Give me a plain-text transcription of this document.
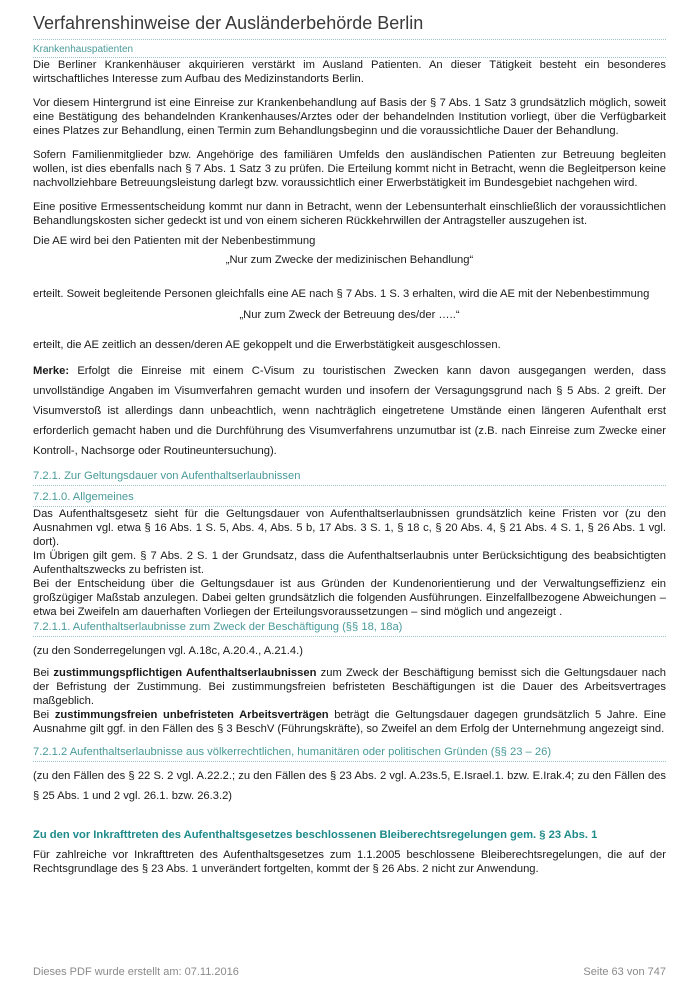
Verfahrenshinweise der Ausländerbehörde Berlin
Krankenhauspatienten

Die Berliner Krankenhäuser akquirieren verstärkt im Ausland Patienten. An dieser Tätigkeit besteht ein besonderes wirtschaftliches Interesse zum Aufbau des Medizinstandorts Berlin.

Vor diesem Hintergrund ist eine Einreise zur Krankenbehandlung auf Basis der § 7 Abs. 1 Satz 3 grundsätzlich möglich, soweit eine Bestätigung des behandelnden Krankenhauses/Arztes oder der behandelnden Institution vorliegt, über die Verfügbarkeit eines Platzes zur Behandlung, einen Termin zum Behandlungsbeginn und die voraussichtliche Dauer der Behandlung.

Sofern Familienmitglieder bzw. Angehörige des familiären Umfelds den ausländischen Patienten zur Betreuung begleiten wollen, ist dies ebenfalls nach § 7 Abs. 1 Satz 3 zu prüfen. Die Erteilung kommt nicht in Betracht, wenn die Begleitperson keine nachvollziehbare Betreuungsleistung darlegt bzw. voraussichtlich einer Erwerbstätigkeit im Bundesgebiet nachgehen wird.

Eine positive Ermessentscheidung kommt nur dann in Betracht, wenn der Lebensunterhalt einschließlich der voraussichtlichen Behandlungskosten sicher gedeckt ist und von einem sicheren Rückkehrwillen der Antragsteller auszugehen ist.

Die AE wird bei den Patienten mit der Nebenbestimmung

„Nur zum Zwecke der medizinischen Behandlung“

erteilt. Soweit begleitende Personen gleichfalls eine AE nach § 7 Abs. 1 S. 3 erhalten, wird die AE mit der Nebenbestimmung

„Nur zum Zweck der Betreuung des/der …..“

erteilt, die AE zeitlich an dessen/deren AE gekoppelt und die Erwerbstätigkeit ausgeschlossen.

Merke: Erfolgt die Einreise mit einem C-Visum zu touristischen Zwecken kann davon ausgegangen werden, dass unvollständige Angaben im Visumverfahren gemacht wurden und insofern der Versagungsgrund nach § 5 Abs. 2 greift. Der Visumverstoß ist allerdings dann unbeachtlich, wenn nachträglich eingetretene Umstände einen längeren Aufenthalt erst erforderlich gemacht haben und die Durchführung des Visumverfahrens unzumutbar ist (z.B. nach Einreise zum Zwecke einer Kontroll-, Nachsorge oder Routineuntersuchung).

7.2.1. Zur Geltungsdauer von Aufenthaltserlaubnissen
7.2.1.0. Allgemeines

Das Aufenthaltsgesetz sieht für die Geltungsdauer von Aufenthaltserlaubnissen grundsätzlich keine Fristen vor (zu den Ausnahmen vgl. etwa § 16 Abs. 1 S. 5, Abs. 4, Abs. 5 b, 17 Abs. 3 S. 1, § 18 c, § 20 Abs. 4, § 21 Abs. 4 S. 1, § 26 Abs. 1 vgl. dort).

Im Übrigen gilt gem. § 7 Abs. 2 S. 1 der Grundsatz, dass die Aufenthaltserlaubnis unter Berücksichtigung des beabsichtigten Aufenthaltszwecks zu befristen ist.

Bei der Entscheidung über die Geltungsdauer ist aus Gründen der Kundenorientierung und der Verwaltungseffizienz ein großzügiger Maßstab anzulegen. Dabei gelten grundsätzlich die folgenden Ausführungen. Einzelfallbezogene Abweichungen – etwa bei Zweifeln am dauerhaften Vorliegen der Erteilungsvoraussetzungen – sind möglich und angezeigt .

7.2.1.1. Aufenthaltserlaubnisse zum Zweck der Beschäftigung (§§ 18, 18a)

(zu den Sonderregelungen vgl. A.18c, A.20.4., A.21.4.)

Bei zustimmungspflichtigen Aufenthaltserlaubnissen zum Zweck der Beschäftigung bemisst sich die Geltungsdauer nach der Befristung der Zustimmung. Bei zustimmungsfreien befristeten Beschäftigungen ist die Dauer des Arbeitsvertrages maßgeblich.

Bei zustimmungsfreien unbefristeten Arbeitsverträgen beträgt die Geltungsdauer dagegen grundsätzlich 5 Jahre. Eine Ausnahme gilt ggf. in den Fällen des § 3 BeschV (Führungskräfte), so Zweifel an dem Erfolg der Unternehmung angezeigt sind.

7.2.1.2 Aufenthaltserlaubnisse aus völkerrechtlichen, humanitären oder politischen Gründen (§§ 23 – 26)

(zu den Fällen des § 22 S. 2 vgl. A.22.2.; zu den Fällen des § 23 Abs. 2 vgl. A.23s.5, E.Israel.1. bzw. E.Irak.4; zu den Fällen des § 25 Abs. 1 und 2 vgl. 26.1. bzw. 26.3.2)

Zu den vor Inkrafttreten des Aufenthaltsgesetzes beschlossenen Bleiberechtsregelungen gem. § 23 Abs. 1

Für zahlreiche vor Inkrafttreten des Aufenthaltsgesetzes zum 1.1.2005 beschlossene Bleiberechtsregelungen, die auf der Rechtsgrundlage des § 23 Abs. 1 unverändert fortgelten, kommt der § 26 Abs. 2 nicht zur Anwendung.

Dieses PDF wurde erstellt am: 07.11.2016	Seite 63 von 747
